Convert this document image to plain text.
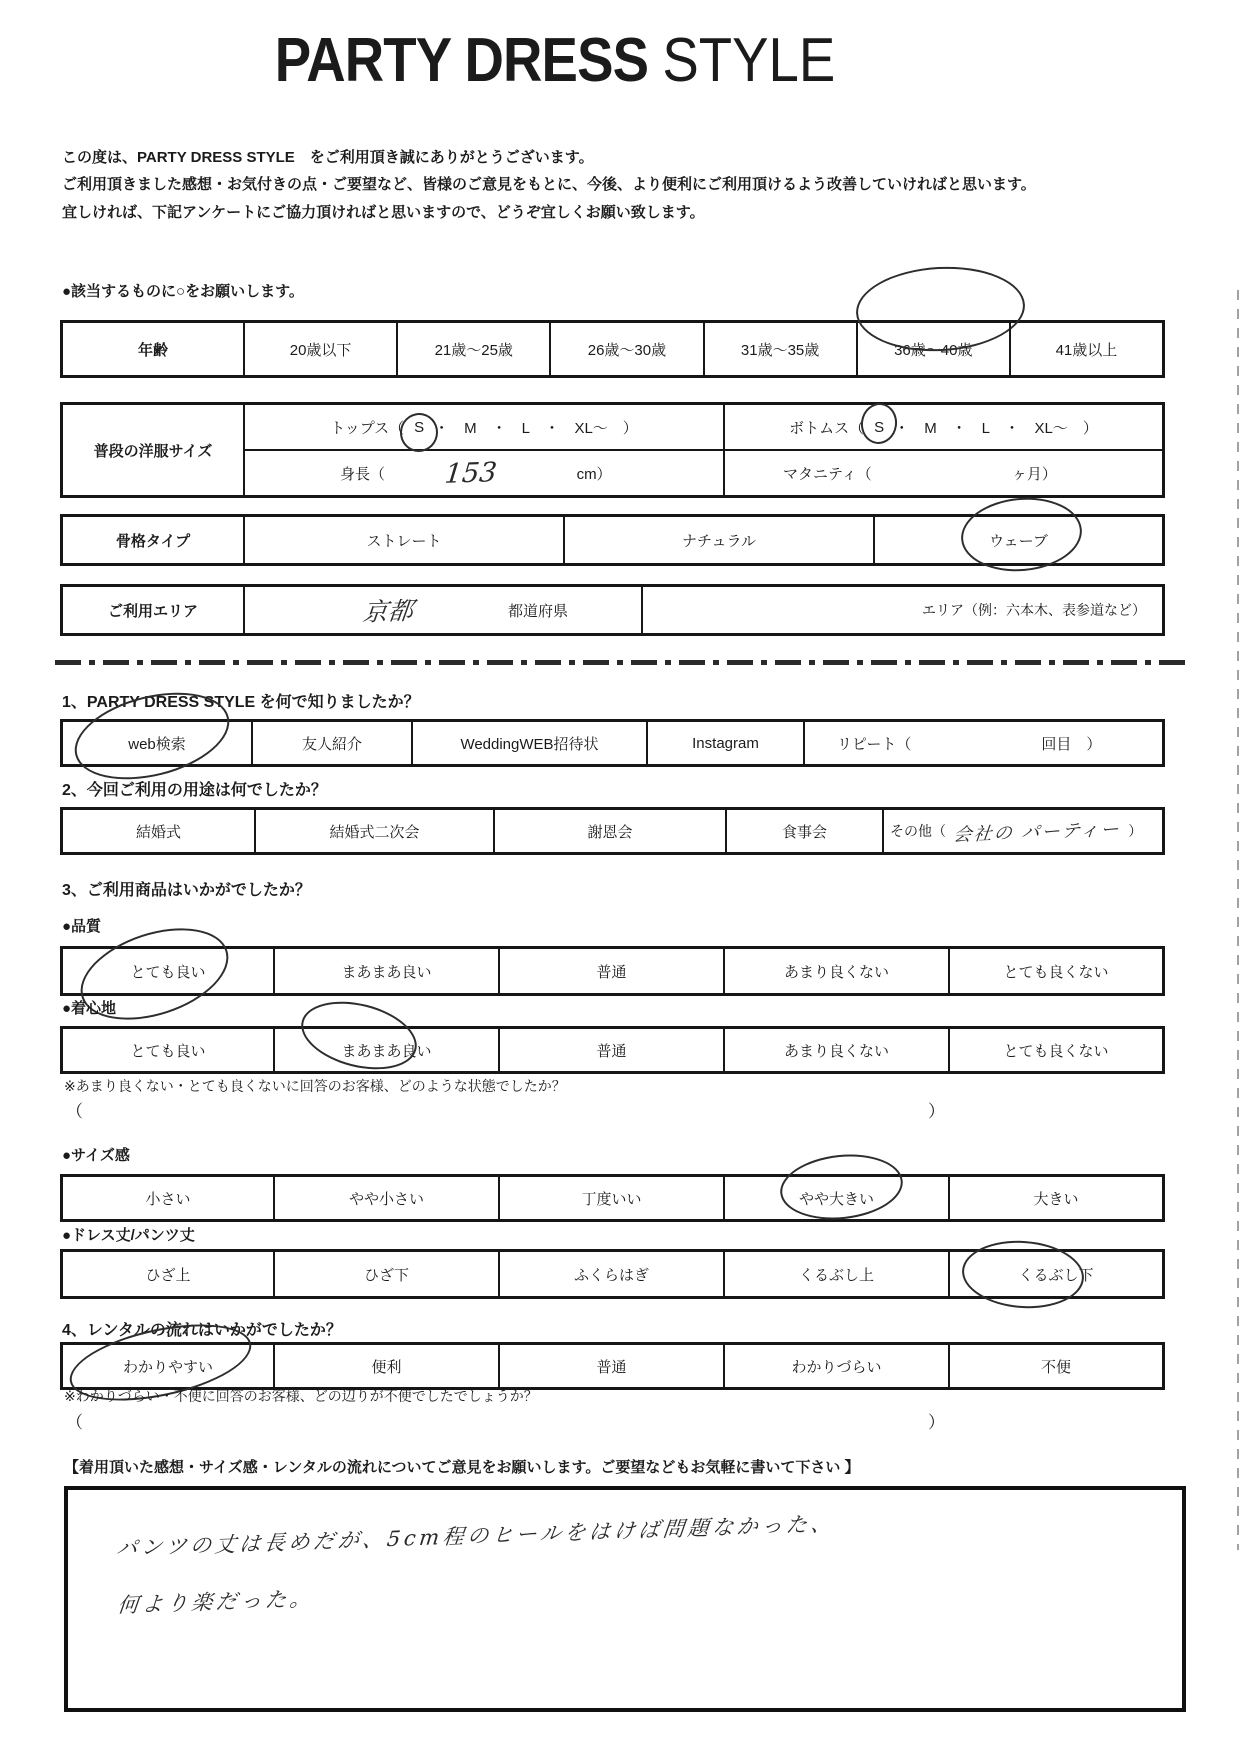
PARTY DRESS STYLE

この度は、PARTY DRESS STYLE　をご利用頂き誠にありがとうございます。

ご利用頂きました感想・お気付きの点・ご要望など、皆様のご意見をもとに、今後、より便利にご利用頂けるよう改善していければと思います。

宜しければ、下記アンケートにご協力頂ければと思いますので、どうぞ宜しくお願い致します。

●該当するものに○をお願いします。
年齢	20歳以下	21歳〜25歳	26歳〜30歳	31歳〜35歳	36歳〜40歳	41歳以上
普段の洋服サイズ
トップス（ S ・　M　・　L　・　XL〜　）	ボトムス（ S ・　M　・　L　・　XL〜　）
身長（ 153	cm）	マタニティ（	ヶ月）
骨格タイプ	ストレート	ナチュラル	ウェーブ
ご利用エリア	京都	都道府県	エリア（例：六本木、表参道など）
1、PARTY DRESS STYLE を何で知りましたか？
web検索	友人紹介	WeddingWEB招待状	Instagram	リピート（	回目　）
2、今回ご利用の用途は何でしたか？
結婚式	結婚式二次会	謝恩会	食事会	その他（ 会社の パーティー ）
3、ご利用商品はいかがでしたか？
●品質
とても良い	まあまあ良い	普通	あまり良くない	とても良くない
●着心地
とても良い	まあまあ良い	普通	あまり良くない	とても良くない
※あまり良くない・とても良くないに回答のお客様、どのような状態でしたか？
（	）
●サイズ感
小さい	やや小さい	丁度いい	やや大きい	大きい
●ドレス丈/パンツ丈
ひざ上	ひざ下	ふくらはぎ	くるぶし上	くるぶし下
4、レンタルの流れはいかがでしたか？
わかりやすい	便利	普通	わかりづらい	不便
※わかりづらい・不便に回答のお客様、どの辺りが不便でしたでしょうか？
（	）
【着用頂いた感想・サイズ感・レンタルの流れについてご意見をお願いします。ご要望などもお気軽に書いて下さい 】
パンツの丈は長めだが、5cm程のヒールをはけば問題なかった、
何より楽だった。
